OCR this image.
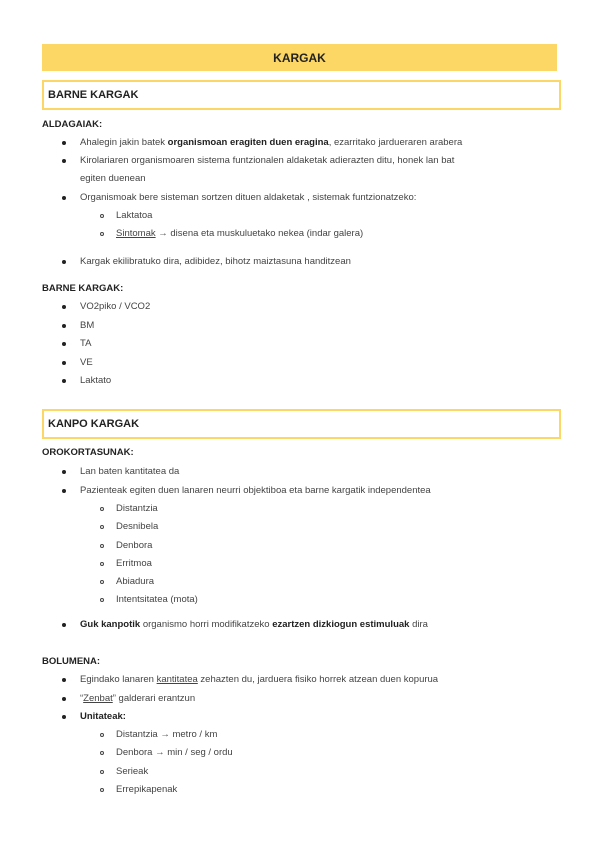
KARGAK
BARNE KARGAK
ALDAGAIAK:
Ahalegin jakin batek organismoan eragiten duen eragina, ezarritako jardueraren arabera
Kirolariaren organismoaren sistema funtzionalen aldaketak adierazten ditu, honek lan bat
egiten duenean
Organismoak bere sisteman sortzen dituen aldaketak , sistemak funtzionatzeko:
Laktatoa
Sintomak → disena eta muskuluetako nekea (indar galera)
Kargak ekilibratuko dira, adibidez, bihotz maiztasuna handitzean
BARNE KARGAK:
VO2piko / VCO2
BM
TA
VE
Laktato
KANPO KARGAK
OROKORTASUNAK:
Lan baten kantitatea da
Pazienteak egiten duen lanaren neurri objektiboa eta barne kargatik independentea
Distantzia
Desnibela
Denbora
Erritmoa
Abiadura
Intentsitatea (mota)
Guk kanpotik organismo horri modifikatzeko ezartzen dizkiogun estimuluak dira
BOLUMENA:
Egindako lanaren kantitatea zehazten du, jarduera fisiko horrek atzean duen kopurua
“Zenbat” galderari erantzun
Unitateak:
Distantzia → metro / km
Denbora → min / seg / ordu
Serieak
Errepikapenak
